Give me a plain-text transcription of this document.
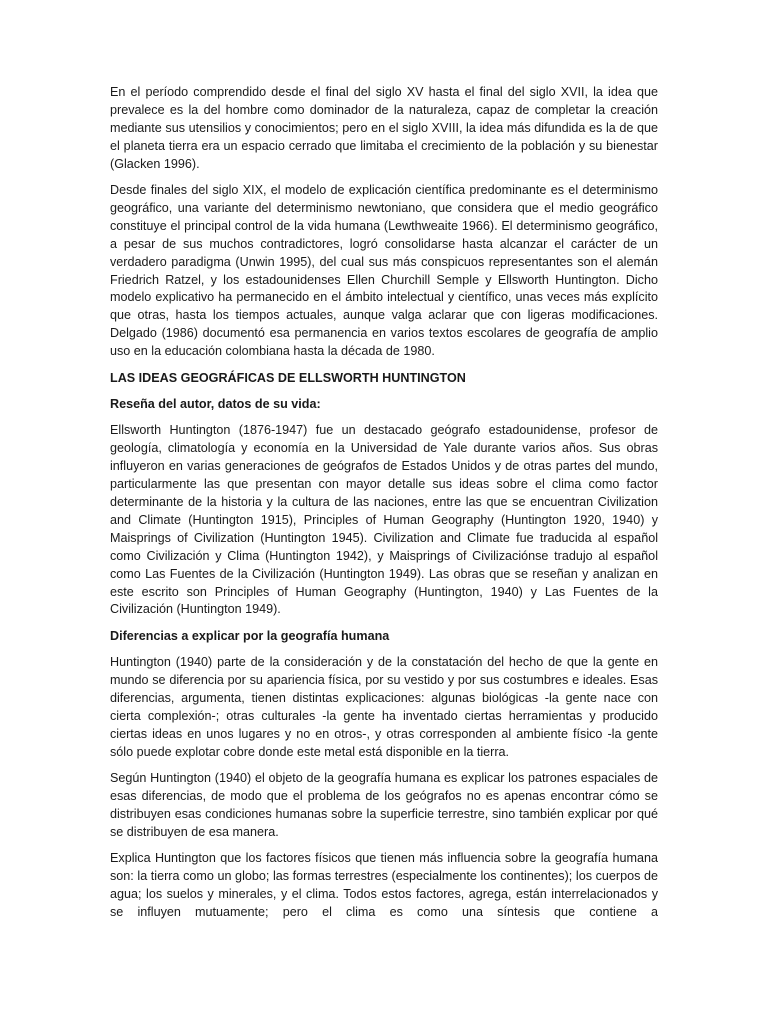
En el período comprendido desde el final del siglo XV hasta el final del siglo XVII, la idea que prevalece es la del hombre como dominador de la naturaleza, capaz de completar la creación mediante sus utensilios y conocimientos; pero en el siglo XVIII, la idea más difundida es la de que el planeta tierra era un espacio cerrado que limitaba el crecimiento de la población y su bienestar (Glacken 1996).

Desde finales del siglo XIX, el modelo de explicación científica predominante es el determinismo geográfico, una variante del determinismo newtoniano, que considera que el medio geográfico constituye el principal control de la vida humana (Lewthweaite 1966). El determinismo geográfico, a pesar de sus muchos contradictores, logró consolidarse hasta alcanzar el carácter de un verdadero paradigma (Unwin 1995), del cual sus más conspicuos representantes son el alemán Friedrich Ratzel, y los estadounidenses Ellen Churchill Semple y Ellsworth Huntington. Dicho modelo explicativo ha permanecido en el ámbito intelectual y científico, unas veces más explícito que otras, hasta los tiempos actuales, aunque valga aclarar que con ligeras modificaciones. Delgado (1986) documentó esa permanencia en varios textos escolares de geografía de amplio uso en la educación colombiana hasta la década de 1980.

LAS IDEAS GEOGRÁFICAS DE ELLSWORTH HUNTINGTON

Reseña del autor, datos de su vida:

Ellsworth Huntington (1876-1947) fue un destacado geógrafo estadounidense, profesor de geología, climatología y economía en la Universidad de Yale durante varios años. Sus obras influyeron en varias generaciones de geógrafos de Estados Unidos y de otras partes del mundo, particularmente las que presentan con mayor detalle sus ideas sobre el clima como factor determinante de la historia y la cultura de las naciones, entre las que se encuentran Civilization and Climate (Huntington 1915), Principles of Human Geography (Huntington 1920, 1940) y Maisprings of Civilization (Huntington 1945). Civilization and Climate fue traducida al español como Civilización y Clima (Huntington 1942), y Maisprings of Civilizaciónse tradujo al español como Las Fuentes de la Civilización (Huntington 1949). Las obras que se reseñan y analizan en este escrito son Principles of Human Geography (Huntington, 1940) y Las Fuentes de la Civilización (Huntington 1949).

Diferencias a explicar por la geografía humana

Huntington (1940) parte de la consideración y de la constatación del hecho de que la gente en mundo se diferencia por su apariencia física, por su vestido y por sus costumbres e ideales. Esas diferencias, argumenta, tienen distintas explicaciones: algunas biológicas -la gente nace con cierta complexión-; otras culturales -la gente ha inventado ciertas herramientas y producido ciertas ideas en unos lugares y no en otros-, y otras corresponden al ambiente físico -la gente sólo puede explotar cobre donde este metal está disponible en la tierra.

Según Huntington (1940) el objeto de la geografía humana es explicar los patrones espaciales de esas diferencias, de modo que el problema de los geógrafos no es apenas encontrar cómo se distribuyen esas condiciones humanas sobre la superficie terrestre, sino también explicar por qué se distribuyen de esa manera.

Explica Huntington que los factores físicos que tienen más influencia sobre la geografía humana son: la tierra como un globo; las formas terrestres (especialmente los continentes); los cuerpos de agua; los suelos y minerales, y el clima. Todos estos factores, agrega, están interrelacionados y se influyen mutuamente; pero el clima es como una síntesis que contiene a
